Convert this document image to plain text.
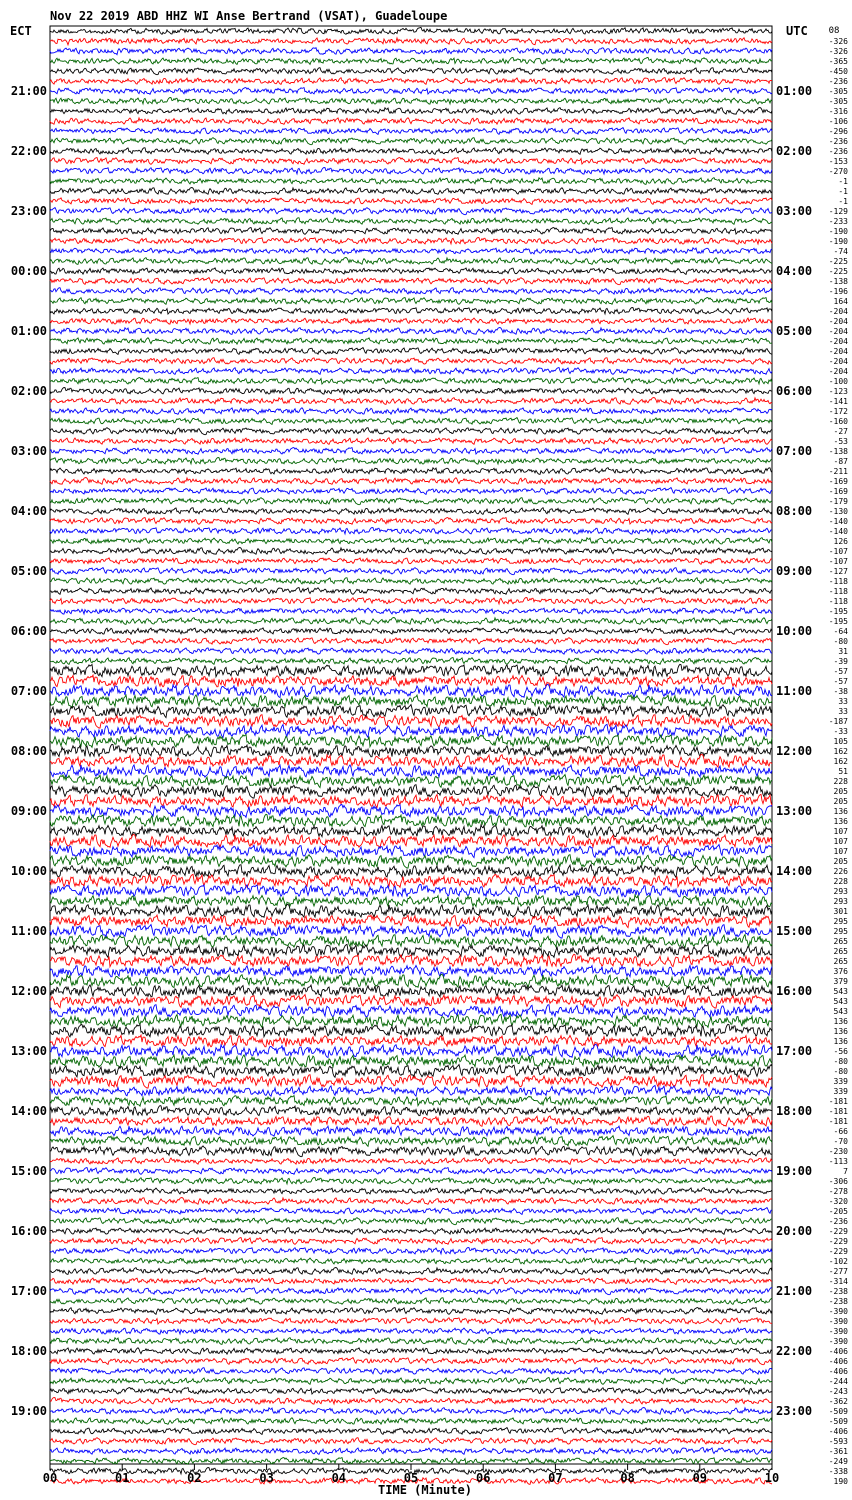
Nov 22 2019 ABD HHZ WI Anse Bertrand (VSAT), Guadeloupe
ECT	UTC
21:00
22:00
23:00
00:00
01:00
02:00
03:00
04:00
05:00
06:00
07:00
08:00
09:00
10:00
11:00
12:00
13:00
14:00
15:00
16:00
17:00
18:00
19:00
01:00
02:00
03:00
04:00
05:00
06:00
07:00
08:00
09:00
10:00
11:00
12:00
13:00
14:00
15:00
16:00
17:00
18:00
19:00
20:00
21:00
22:00
23:00
-326
-326
-365
-450
-236
-305
-305
-316
-106
-296
-236
-236
-153
-270
-1
-1
-1
-129
-233
-190
-190
-74
-225
-225
-138
-196
164
-204
-204
-204
-204
-204
-204
-204
-100
-123
-141
-172
-160
-27
-53
-138
-87
-211
-169
-169
-179
-130
-140
-140
126
-107
-107
-127
-118
-118
-118
-195
-195
-64
-80
31
-39
-57
-57
-38
33
33
-187
-33
105
162
162
51
228
205
205
136
136
107
107
107
205
226
228
293
293
301
295
295
265
265
265
376
379
543
543
543
136
136
136
-56
-80
-80
339
339
-181
-181
-181
-66
-70
-230
-113
7
-306
-278
-320
-205
-236
-229
-229
-229
-102
-277
-314
-238
-238
-390
-390
-390
-390
-406
-406
-406
-244
-243
-362
-509
-509
-406
-593
-361
-249
-338
190
00	01	02	03	04	05	06	07	08	09	10
TIME (Minute)
08
